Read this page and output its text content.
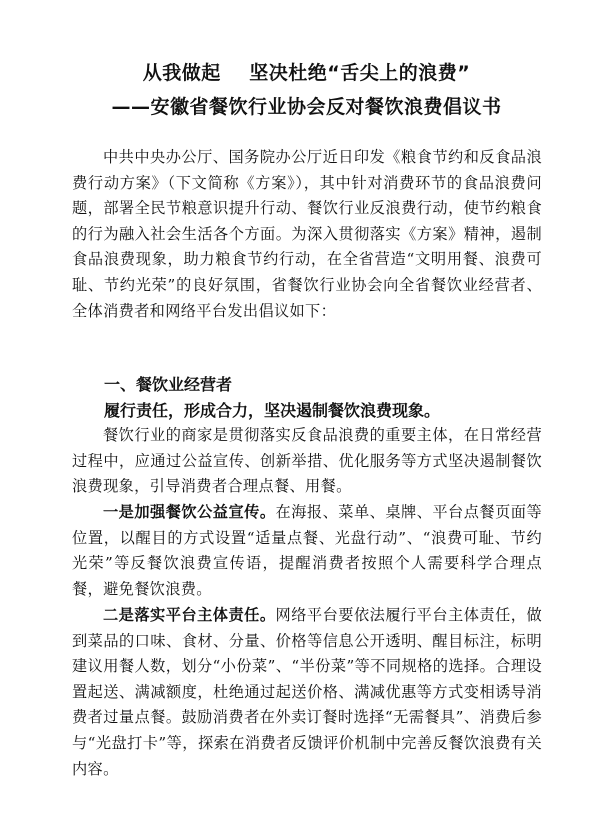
从我做起    坚决杜绝“舌尖上的浪费”
——安徽省餐饮行业协会反对餐饮浪费倡议书
中共中央办公厅、国务院办公厅近日印发《粮食节约和反食品浪费行动方案》（下文简称《方案》），其中针对消费环节的食品浪费问题，部署全民节粮意识提升行动、餐饮行业反浪费行动，使节约粮食的行为融入社会生活各个方面。为深入贯彻落实《方案》精神，遏制食品浪费现象，助力粮食节约行动，在全省营造“文明用餐、浪费可耻、节约光荣”的良好氛围，省餐饮行业协会向全省餐饮业经营者、全体消费者和网络平台发出倡议如下：
一、餐饮业经营者
履行责任，形成合力，坚决遏制餐饮浪费现象。
餐饮行业的商家是贯彻落实反食品浪费的重要主体，在日常经营过程中，应通过公益宣传、创新举措、优化服务等方式坚决遏制餐饮浪费现象，引导消费者合理点餐、用餐。
一是加强餐饮公益宣传。在海报、菜单、桌牌、平台点餐页面等位置，以醒目的方式设置“适量点餐、光盘行动”、“浪费可耻、节约光荣”等反餐饮浪费宣传语，提醒消费者按照个人需要科学合理点餐，避免餐饮浪费。
二是落实平台主体责任。网络平台要依法履行平台主体责任，做到菜品的口味、食材、分量、价格等信息公开透明、醒目标注，标明建议用餐人数，划分“小份菜”、“半份菜”等不同规格的选择。合理设置起送、满减额度，杜绝通过起送价格、满减优惠等方式变相诱导消费者过量点餐。鼓励消费者在外卖订餐时选择“无需餐具”、消费后参与“光盘打卡”等，探索在消费者反馈评价机制中完善反餐饮浪费有关内容。
